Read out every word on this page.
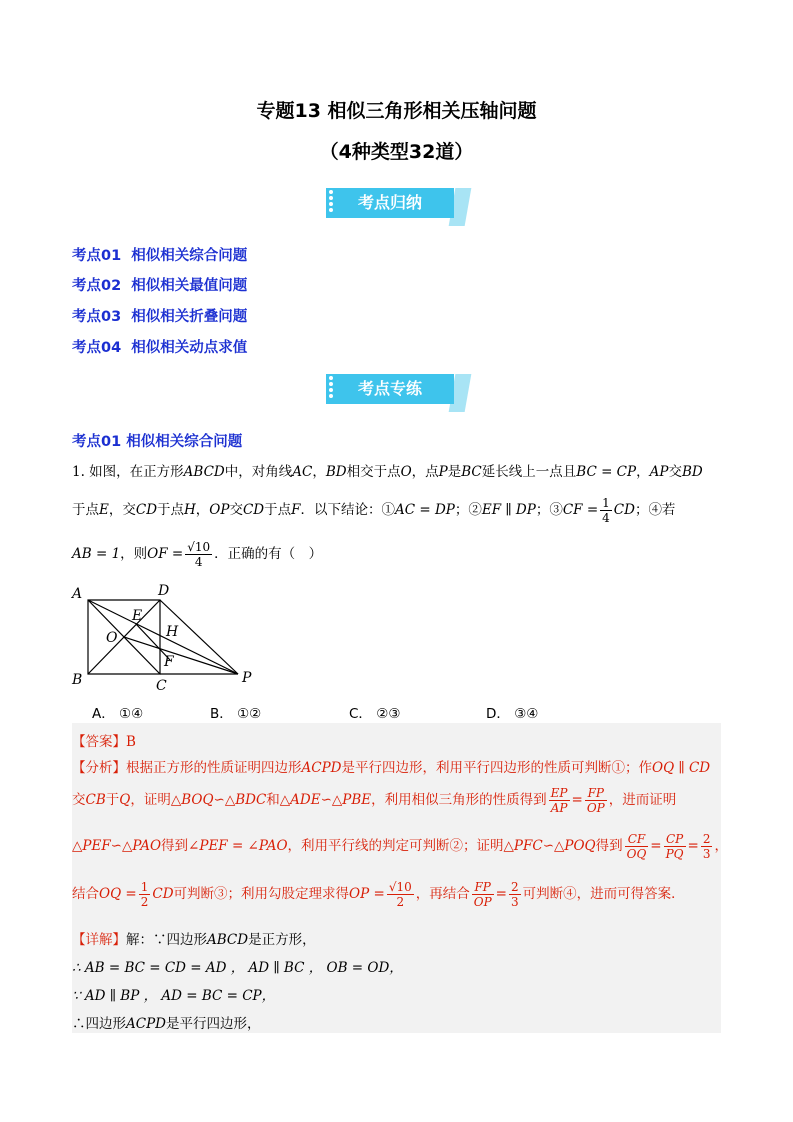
专题13 相似三角形相关压轴问题
（4种类型32道）
考点归纳
考点01 相似相关综合问题
考点02 相似相关最值问题
考点03 相似相关折叠问题
考点04 相似相关动点求值
考点专练
考点01 相似相关综合问题
1. 如图，在正方形ABCD中，对角线AC，BD相交于点O，点P是BC延长线上一点且BC = CP，AP交BD
于点E，交CD于点H，OP交CD于点F．以下结论：①AC = DP；②EF ∥ DP；③CF = $\frac{1}{4}$ CD；④若
AB = 1，则OF = $\frac{√10}{4}$ ．正确的有（　）
A	D
E
O	H
F
B	C	P
A． ①④	B． ①②	C． ②③	D． ③④
【答案】B
【分析】根据正方形的性质证明四边形ACPD是平行四边形，利用平行四边形的性质可判断①；作OQ ∥ CD
交CB于Q，证明△BOQ∽△BDC和△ADE∽△PBE，利用相似三角形的性质得到 $\frac{EP}{AP} = \frac{FP}{OP}$ ，进而证明
△PEF∽△PAO得到∠PEF = ∠PAO，利用平行线的判定可判断②；证明△PFC∽△POQ得到 $\frac{CF}{OQ} = \frac{CP}{PQ} = \frac{2}{3}$ ，
结合OQ = $\frac{1}{2}$ CD可判断③；利用勾股定理求得OP = $\frac{√10}{2}$ ，再结合 $\frac{FP}{OP} = \frac{2}{3}$ 可判断④，进而可得答案．
【详解】解：∵四边形ABCD是正方形，
∴ AB = BC = CD = AD ， AD ∥ BC ， OB = OD，
∵ AD ∥ BP ， AD = BC = CP，
∴四边形ACPD是平行四边形，
